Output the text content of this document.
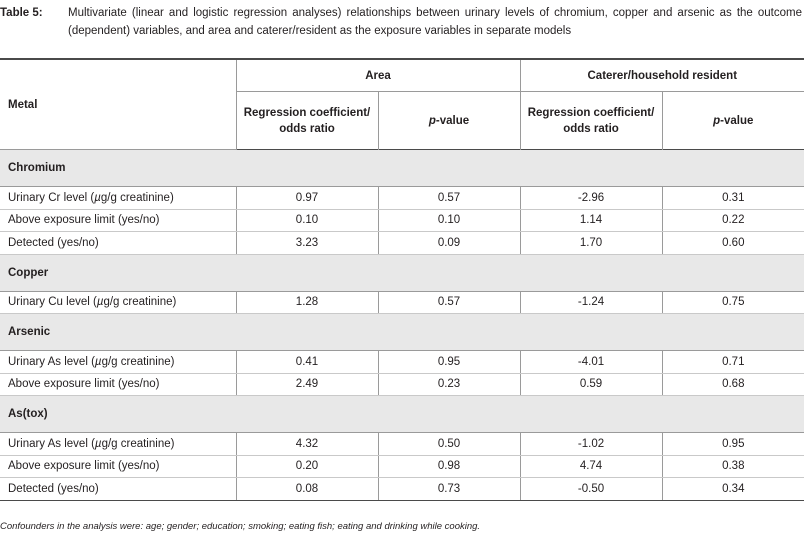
Table 5: Multivariate (linear and logistic regression analyses) relationships between urinary levels of chromium, copper and arsenic as the outcome (dependent) variables, and area and caterer/resident as the exposure variables in separate models
Metal	Area		Caterer/household resident	
	Regression coefficient/ odds ratio	p-value	Regression coefficient/ odds ratio	p-value
Chromium				
Urinary Cr level (µg/g creatinine)	0.97	0.57	-2.96	0.31
Above exposure limit (yes/no)	0.10	0.10	1.14	0.22
Detected (yes/no)	3.23	0.09	1.70	0.60
Copper				
Urinary Cu level (µg/g creatinine)	1.28	0.57	-1.24	0.75
Arsenic				
Urinary As level (µg/g creatinine)	0.41	0.95	-4.01	0.71
Above exposure limit (yes/no)	2.49	0.23	0.59	0.68
As(tox)				
Urinary As level (µg/g creatinine)	4.32	0.50	-1.02	0.95
Above exposure limit (yes/no)	0.20	0.98	4.74	0.38
Detected (yes/no)	0.08	0.73	-0.50	0.34
Confounders in the analysis were: age; gender; education; smoking; eating fish; eating and drinking while cooking.
